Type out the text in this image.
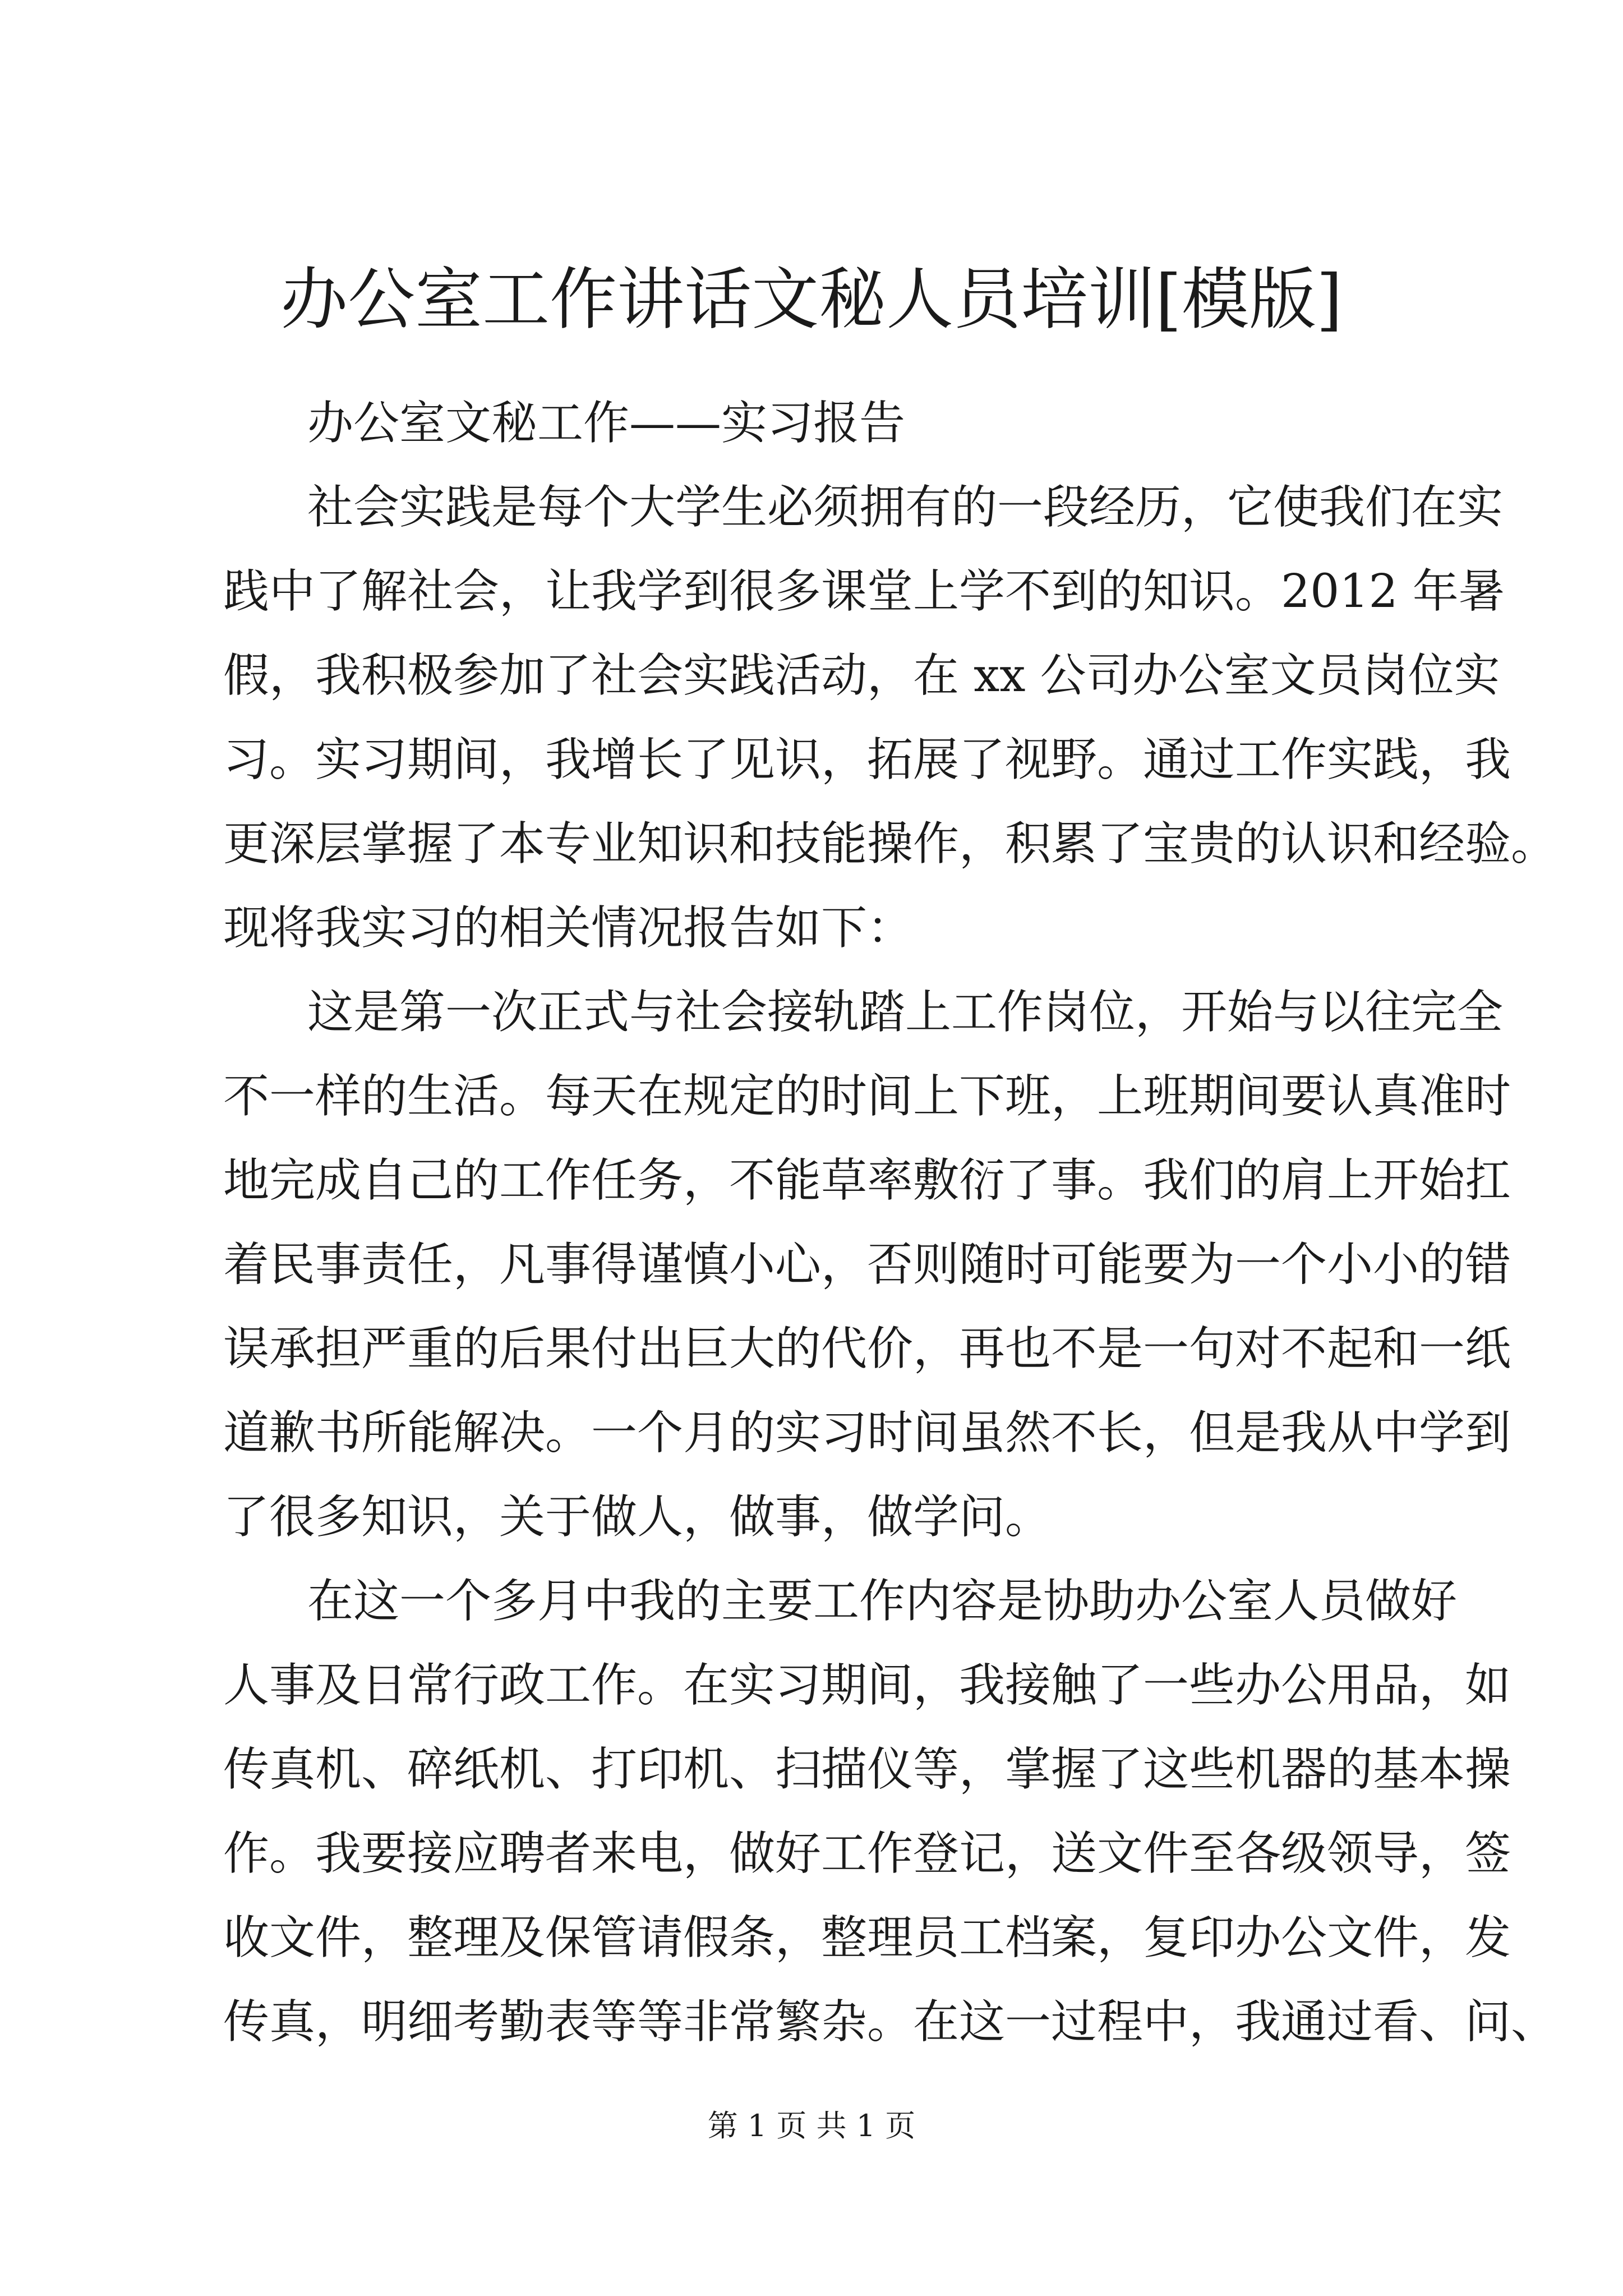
办公室工作讲话文秘人员培训[模版]
办公室文秘工作——实习报告
社会实践是每个大学生必须拥有的一段经历，它使我们在实
践中了解社会，让我学到很多课堂上学不到的知识。2012 年暑
假，我积极参加了社会实践活动，在 xx 公司办公室文员岗位实
习。实习期间，我增长了见识，拓展了视野。通过工作实践，我
更深层掌握了本专业知识和技能操作，积累了宝贵的认识和经验。
现将我实习的相关情况报告如下：
这是第一次正式与社会接轨踏上工作岗位，开始与以往完全
不一样的生活。每天在规定的时间上下班，上班期间要认真准时
地完成自己的工作任务，不能草率敷衍了事。我们的肩上开始扛
着民事责任，凡事得谨慎小心，否则随时可能要为一个小小的错
误承担严重的后果付出巨大的代价，再也不是一句对不起和一纸
道歉书所能解决。一个月的实习时间虽然不长，但是我从中学到
了很多知识，关于做人，做事，做学问。
在这一个多月中我的主要工作内容是协助办公室人员做好
人事及日常行政工作。在实习期间，我接触了一些办公用品，如
传真机、碎纸机、打印机、扫描仪等，掌握了这些机器的基本操
作。我要接应聘者来电，做好工作登记，送文件至各级领导，签
收文件，整理及保管请假条，整理员工档案，复印办公文件，发
传真，明细考勤表等等非常繁杂。在这一过程中，我通过看、问、
第 1 页 共 1 页
